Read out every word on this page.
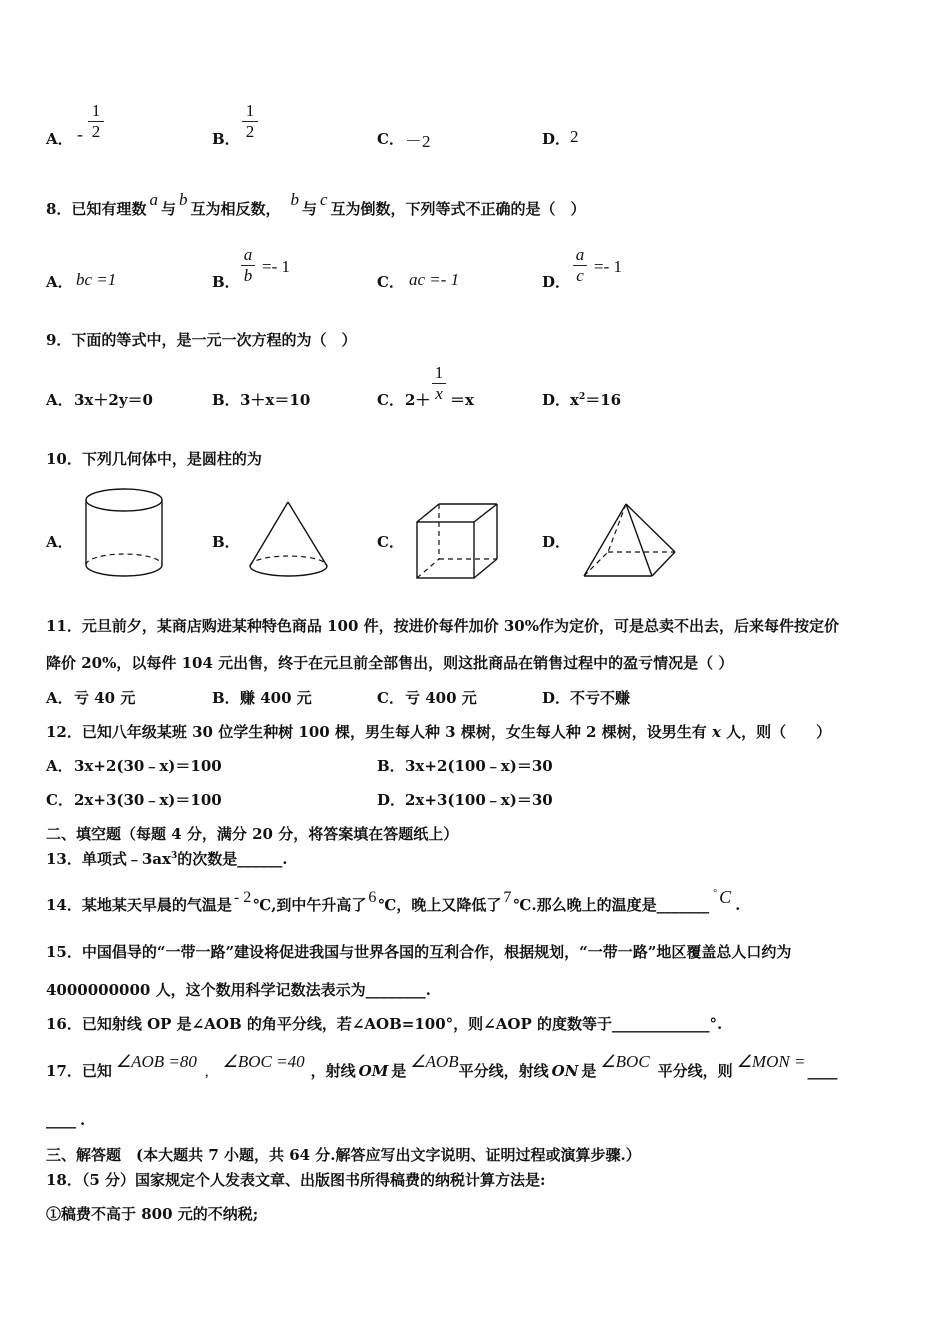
A． -
1
2	B．
1
2	C． －2	D． 2
8．已知有理数 a 与 b 互为相反数， b 与 c 互为倒数，下列等式不正确的是（　）
A． bc =1	B．
a
b =- 1
C． ac =- 1	D．
a
c =- 1
9．下面的等式中，是一元一次方程的为（　）
A． 3x＋2y＝0	B． 3＋x＝10	C． 2＋
1
x ＝x	D． $x^2=16$
10．下列几何体中，是圆柱的为
A．	B．	C．	D．
11．元旦前夕，某商店购进某种特色商品 100 件，按进价每件加价 30%作为定价，可是总卖不出去，后来每件按定价
降价 20%，以每件 104 元出售，终于在元旦前全部售出，则这批商品在销售过程中的盈亏情况是（ ）
A． 亏 40 元	B． 赚 400 元	C． 亏 400 元	D． 不亏不赚
12．已知八年级某班 30 位学生种树 100 棵，男生每人种 3 棵树，女生每人种 2 棵树，设男生有 x 人，则（　　）
A． 3x+2(30﹣x)＝100	B． 3x+2(100﹣x)＝30
C． 2x+3(30﹣x)＝100	D． 2x+3(100﹣x)＝30
二、填空题（每题 4 分，满分 20 分，将答案填在答题纸上）
13．单项式$﹣3ax^3$的次数是______.
14．某地某天早晨的气温是 - 2 ℃,到中午升高了 6 ℃，晚上又降低了 7 ℃.那么晚上的温度是_______° C .
15．中国倡导的“一带一路”建设将促进我国与世界各国的互利合作，根据规划，“一带一路”地区覆盖总人口约为
4000000000 人，这个数用科学记数法表示为________.
16．已知射线 OP 是∠AOB 的角平分线，若∠AOB=100°，则∠AOP 的度数等于_____________°.
17．已知 ∠AOB =80,∠BOC =40 ，射线 OM 是 ∠AOB平分线，射线 ON 是 ∠BOC 平分线，则 ∠MON = ____
____ .
三、解答题　(本大题共 7 小题，共 64 分.解答应写出文字说明、证明过程或演算步骤.）
18．（5 分）国家规定个人发表文章、出版图书所得稿费的纳税计算方法是:
①稿费不高于 800 元的不纳税;
